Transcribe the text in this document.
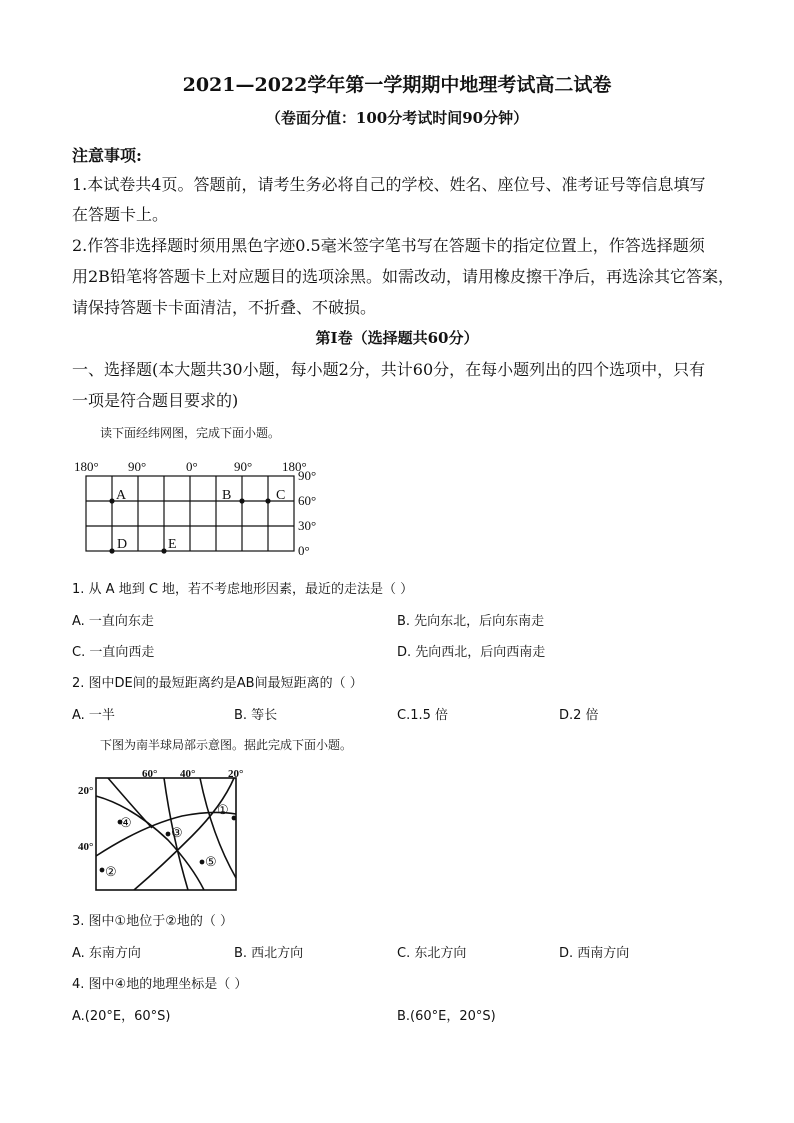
2021—2022学年第一学期期中地理考试高二试卷
（卷面分值：100分考试时间90分钟）
注意事项:
1.本试卷共4页。答题前，请考生务必将自己的学校、姓名、座位号、准考证号等信息填写
在答题卡上。
2.作答非选择题时须用黑色字迹0.5毫米签字笔书写在答题卡的指定位置上，作答选择题须
用2B铅笔将答题卡上对应题目的选项涂黑。如需改动，请用橡皮擦干净后，再选涂其它答案，
请保持答题卡卡面清洁，不折叠、不破损。
第Ⅰ卷（选择题共60分）
一、选择题(本大题共30小题，每小题2分，共计60分，在每小题列出的四个选项中，只有
一项是符合题目要求的)
读下面经纬网图，完成下面小题。
180° 90°	0°	90° 180°
90°
60°
30°
0°
A	B	C
D	E
1. 从 A 地到 C 地，若不考虑地形因素，最近的走法是（ ）
A. 一直向东走	B. 先向东北，后向东南走
C. 一直向西走	D. 先向西北，后向西南走
2. 图中DE间的最短距离约是AB间最短距离的（ ）
A. 一半	B. 等长	C.1.5 倍	D.2 倍
下图为南半球局部示意图。据此完成下面小题。
60° 40°	20°
20°
40°
①
②
③
④
⑤
3. 图中①地位于②地的（ ）
A. 东南方向	B. 西北方向	C. 东北方向	D. 西南方向
4. 图中④地的地理坐标是（ ）
A.(20°E，60°S)	B.(60°E，20°S)
